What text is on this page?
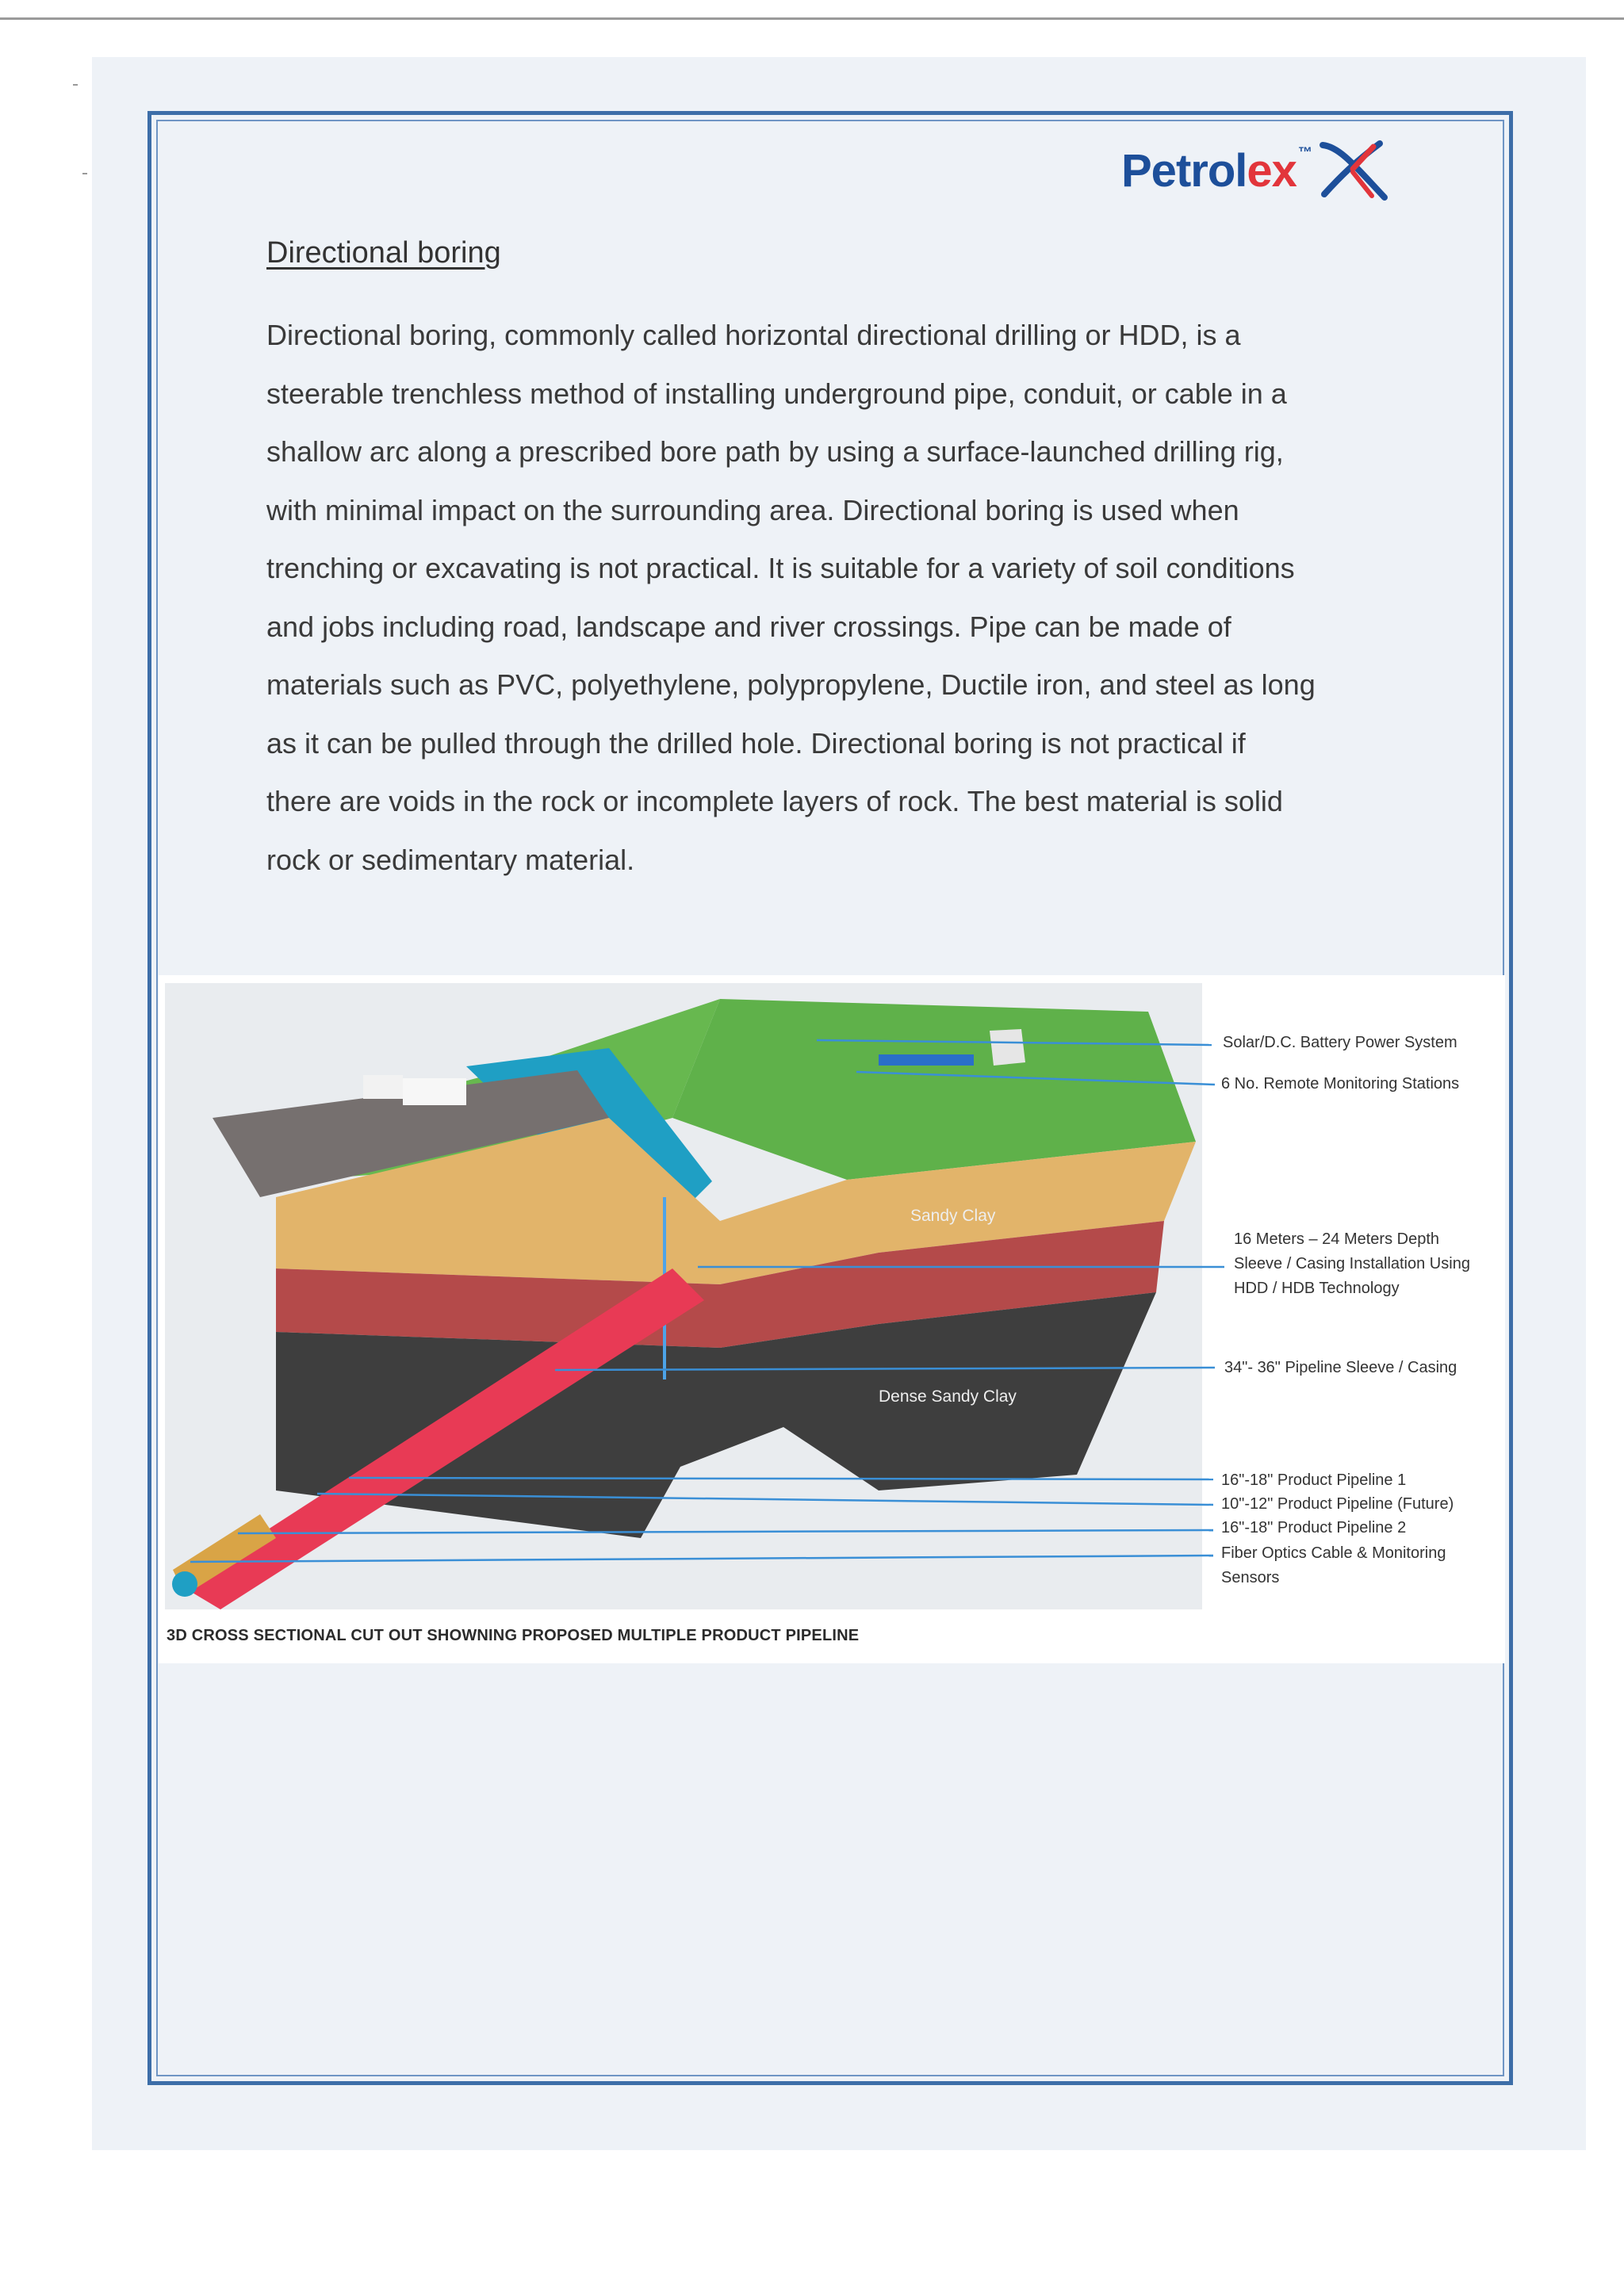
Petrolex ™
Directional boring
Directional boring, commonly called horizontal directional drilling or HDD, is a
steerable trenchless method of installing underground pipe, conduit, or cable in a
shallow arc along a prescribed bore path by using a surface-launched drilling rig,
with minimal impact on the surrounding area. Directional boring is used when
trenching or excavating is not practical. It is suitable for a variety of soil conditions
and jobs including road, landscape and river crossings. Pipe can be made of
materials such as PVC, polyethylene, polypropylene, Ductile iron, and steel as long
as it can be pulled through the drilled hole. Directional boring is not practical if
there are voids in the rock or incomplete layers of rock. The best material is solid
rock or sedimentary material.
Sandy Clay
Dense Sandy Clay
Solar/D.C. Battery Power System
6 No. Remote Monitoring Stations
16 Meters – 24 Meters Depth
Sleeve / Casing Installation Using
HDD / HDB Technology
34"- 36" Pipeline Sleeve / Casing
16"-18" Product Pipeline 1
10"-12" Product Pipeline (Future)
16"-18" Product Pipeline 2
Fiber Optics Cable & Monitoring
Sensors
3D CROSS SECTIONAL CUT OUT SHOWNING PROPOSED MULTIPLE PRODUCT PIPELINE
